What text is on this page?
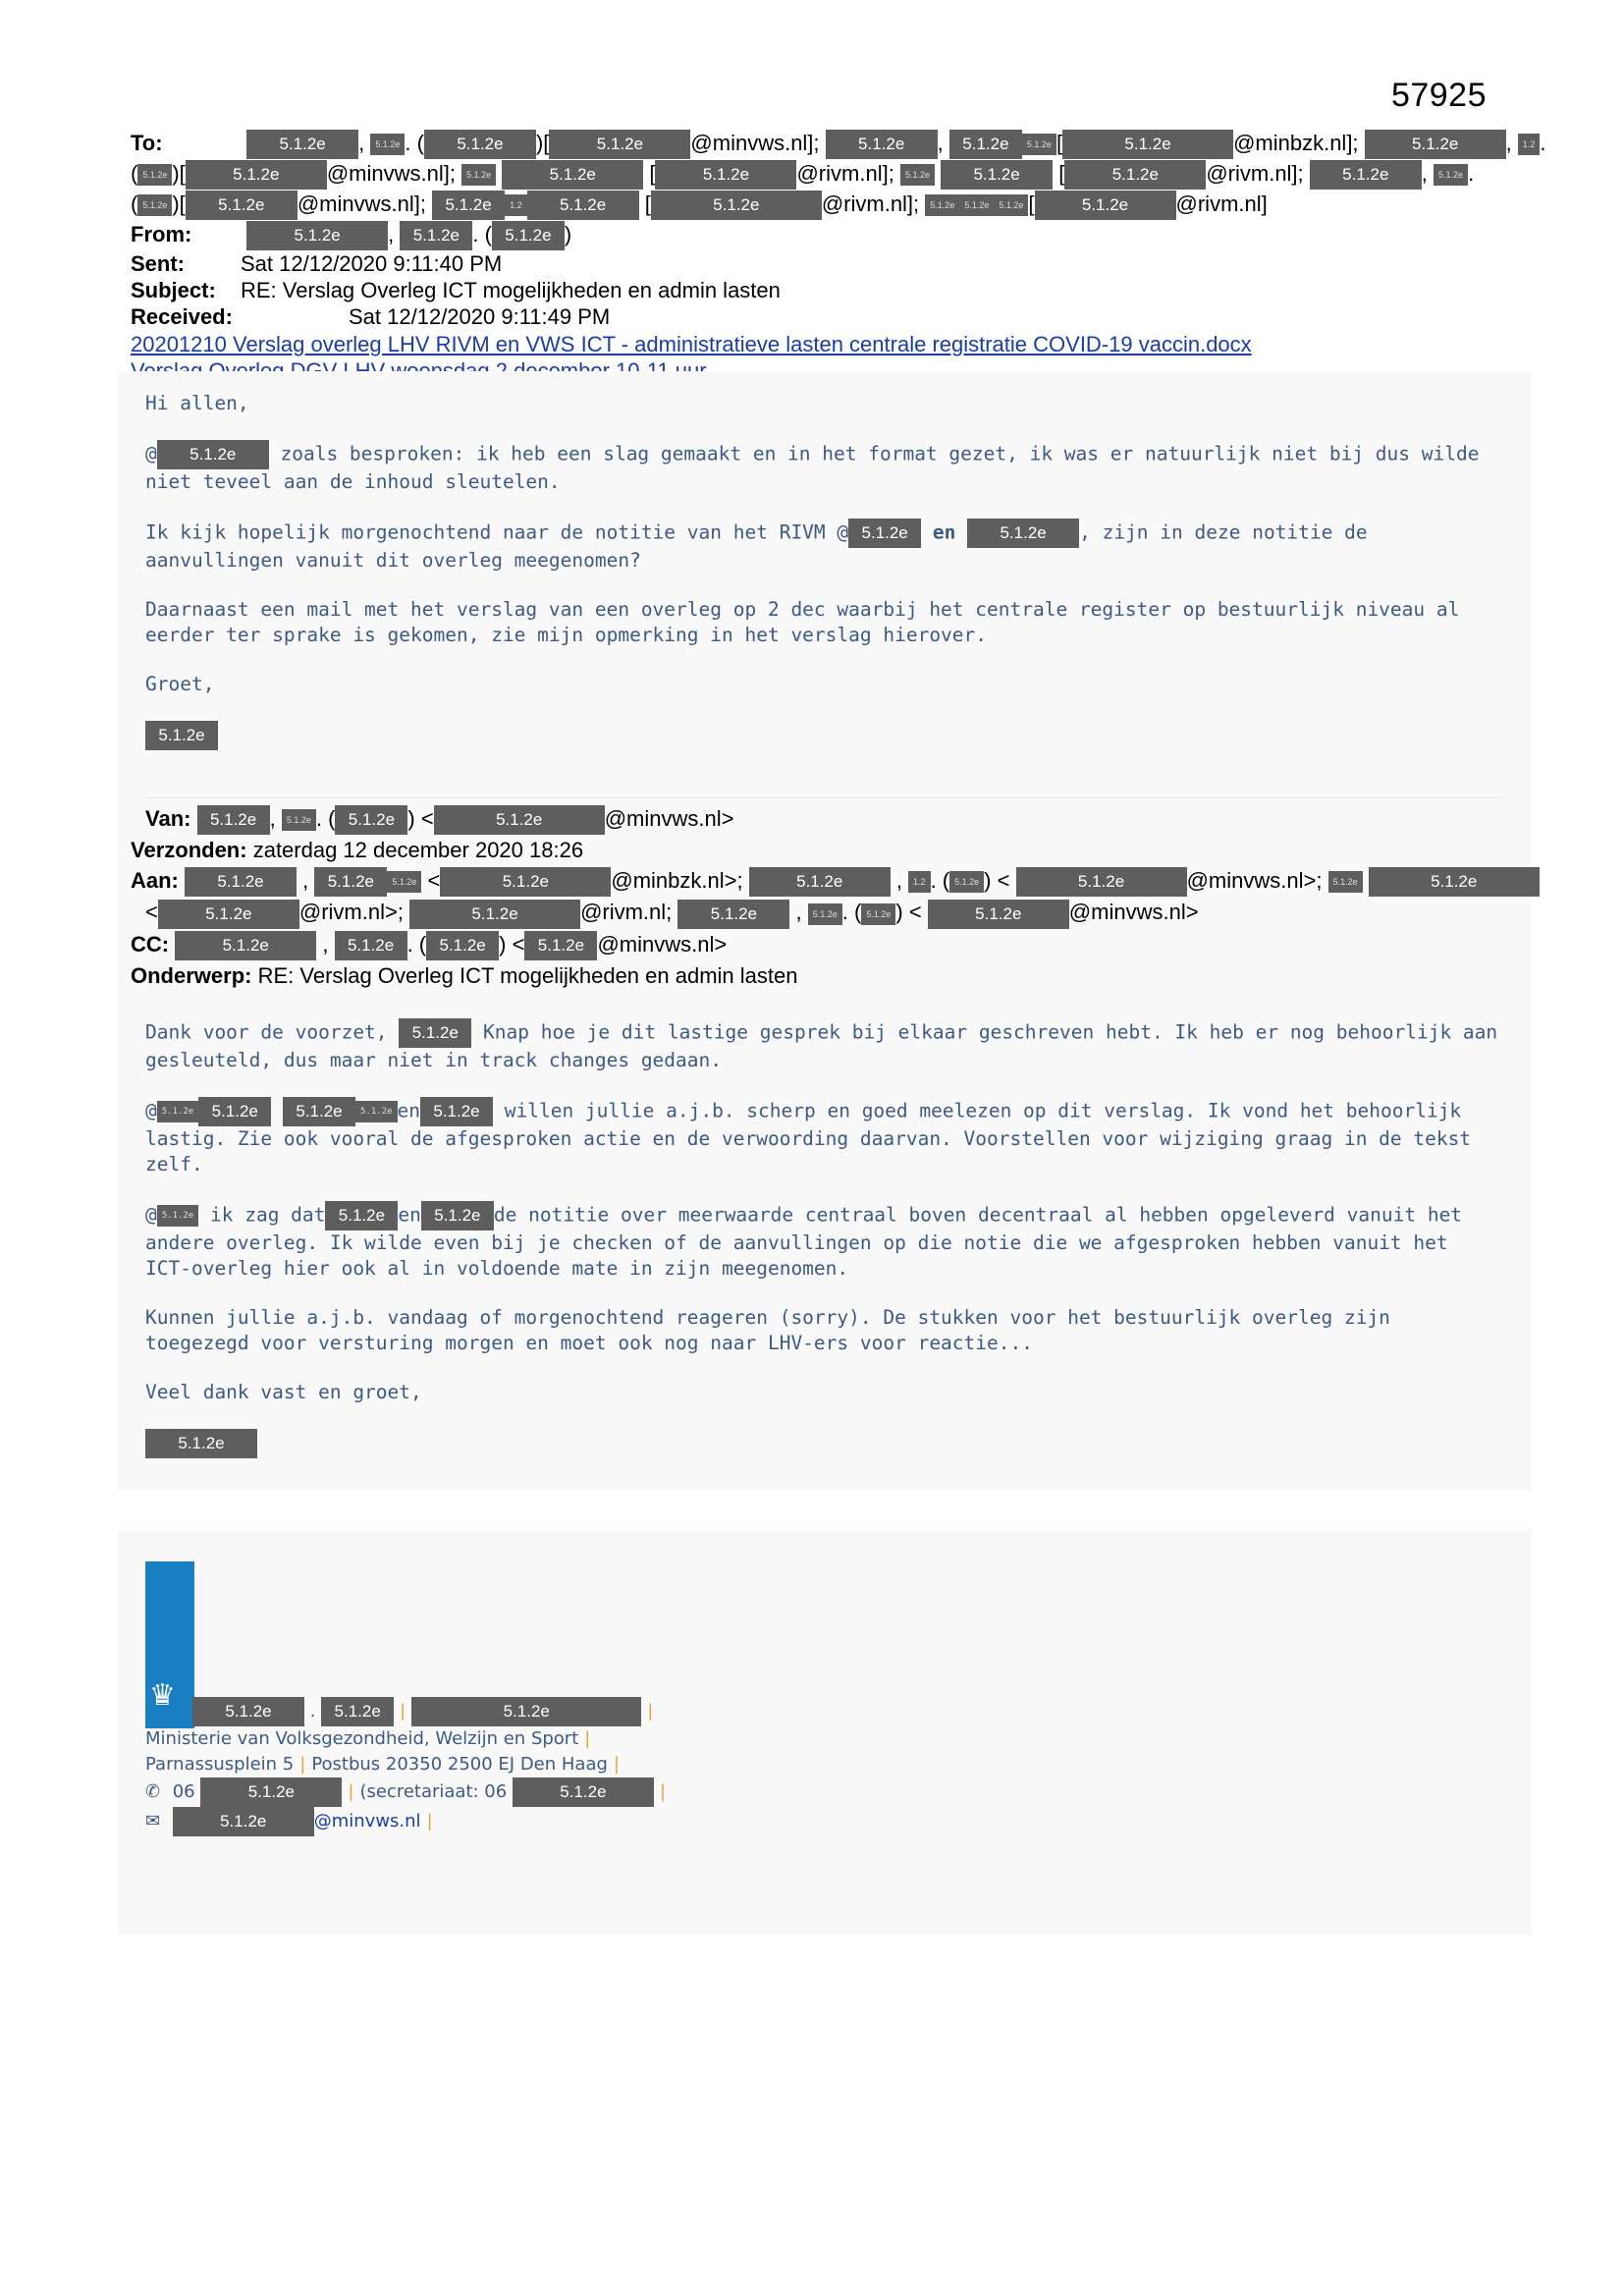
57925
To:	5.1.2e , 5.1.2e . ( 5.1.2e )[	5.1.2e @minvws.nl]; 5.1.2e , 5.1.2e 5.1.2e [	5.1.2e	@minbzk.nl];	5.1.2e , 1.2 .
( 5.1.2e )[	5.1.2e @minvws.nl]; 5.1.2e	5.1.2e [	5.1.2e @rivm.nl]; 5.1.2e	5.1.2e [	5.1.2e @rivm.nl]; 5.1.2e , 5.1.2e .
( 5.1.2e )[ 5.1.2e @minvws.nl]; 5.1.2e 1.2 5.1.2e [	5.1.2e	@rivm.nl]; 5.1.2e 5.1.2e 5.1.2e [	5.1.2e @rivm.nl]
From:	5.1.2e , 5.1.2e . ( 5.1.2e )
Sent:	Sat 12/12/2020 9:11:40 PM
Subject: RE: Verslag Overleg ICT mogelijkheden en admin lasten
Received:	Sat 12/12/2020 9:11:49 PM
20201210 Verslag overleg LHV RIVM en VWS ICT - administratieve lasten centrale registratie COVID-19 vaccin.docx

Hi allen,

@ 5.1.2e zoals besproken: ik heb een slag gemaakt en in het format gezet, ik was er natuurlijk niet bij dus wilde niet teveel aan de inhoud sleutelen.

Ik kijk hopelijk morgenochtend naar de notitie van het RIVM @ 5.1.2e en 5.1.2e , zijn in deze notitie de aanvullingen vanuit dit overleg meegenomen?

Daarnaast een mail met het verslag van een overleg op 2 dec waarbij het centrale register op bestuurlijk niveau al eerder ter sprake is gekomen, zie mijn opmerking in het verslag hierover.

Groet,

5.1.2e

Van: 5.1.2e , 5.1.2e . ( 5.1.2e ) <	5.1.2e	@minvws.nl>
Verzonden: zaterdag 12 december 2020 18:26
Aan: 5.1.2e , 5.1.2e 5.1.2e <	5.1.2e	@minbzk.nl>;	5.1.2e , 1.2 . ( 5.1.2e ) <	5.1.2e	@minvws.nl>; 5.1.2e	5.1.2e
<	5.1.2e @rivm.nl>;	5.1.2e	@rivm.nl; 5.1.2e , 5.1.2e . ( 5.1.2e ) <	5.1.2e @minvws.nl>
CC:	5.1.2e , 5.1.2e . ( 5.1.2e ) < 5.1.2e @minvws.nl>
Onderwerp: RE: Verslag Overleg ICT mogelijkheden en admin lasten

Dank voor de voorzet, 5.1.2e Knap hoe je dit lastige gesprek bij elkaar geschreven hebt. Ik heb er nog behoorlijk aan gesleuteld, dus maar niet in track changes gedaan.

@ 5.1.2e 5.1.2e 5.1.2e 5.1.2e en 5.1.2e willen jullie a.j.b. scherp en goed meelezen op dit verslag. Ik vond het behoorlijk lastig. Zie ook vooral de afgesproken actie en de verwoording daarvan. Voorstellen voor wijziging graag in de tekst zelf.

@ 5.1.2e ik zag dat 5.1.2e en 5.1.2e de notitie over meerwaarde centraal boven decentraal al hebben opgeleverd vanuit het andere overleg. Ik wilde even bij je checken of de aanvullingen op die notie die we afgesproken hebben vanuit het ICT-overleg hier ook al in voldoende mate in zijn meegenomen.

Kunnen jullie a.j.b. vandaag of morgenochtend reageren (sorry). De stukken voor het bestuurlijk overleg zijn toegezegd voor versturing morgen en moet ook nog naar LHV-ers voor reactie...

Veel dank vast en groet,

5.1.2e

♛	5.1.2e . 5.1.2e |	5.1.2e	|
Ministerie van Volksgezondheid, Welzijn en Sport |
Parnassusplein 5 | Postbus 20350 2500 EJ Den Haag |
✆ 06	5.1.2e	| (secretariaat: 06	5.1.2e	|
✉	5.1.2e	@minvws.nl |
